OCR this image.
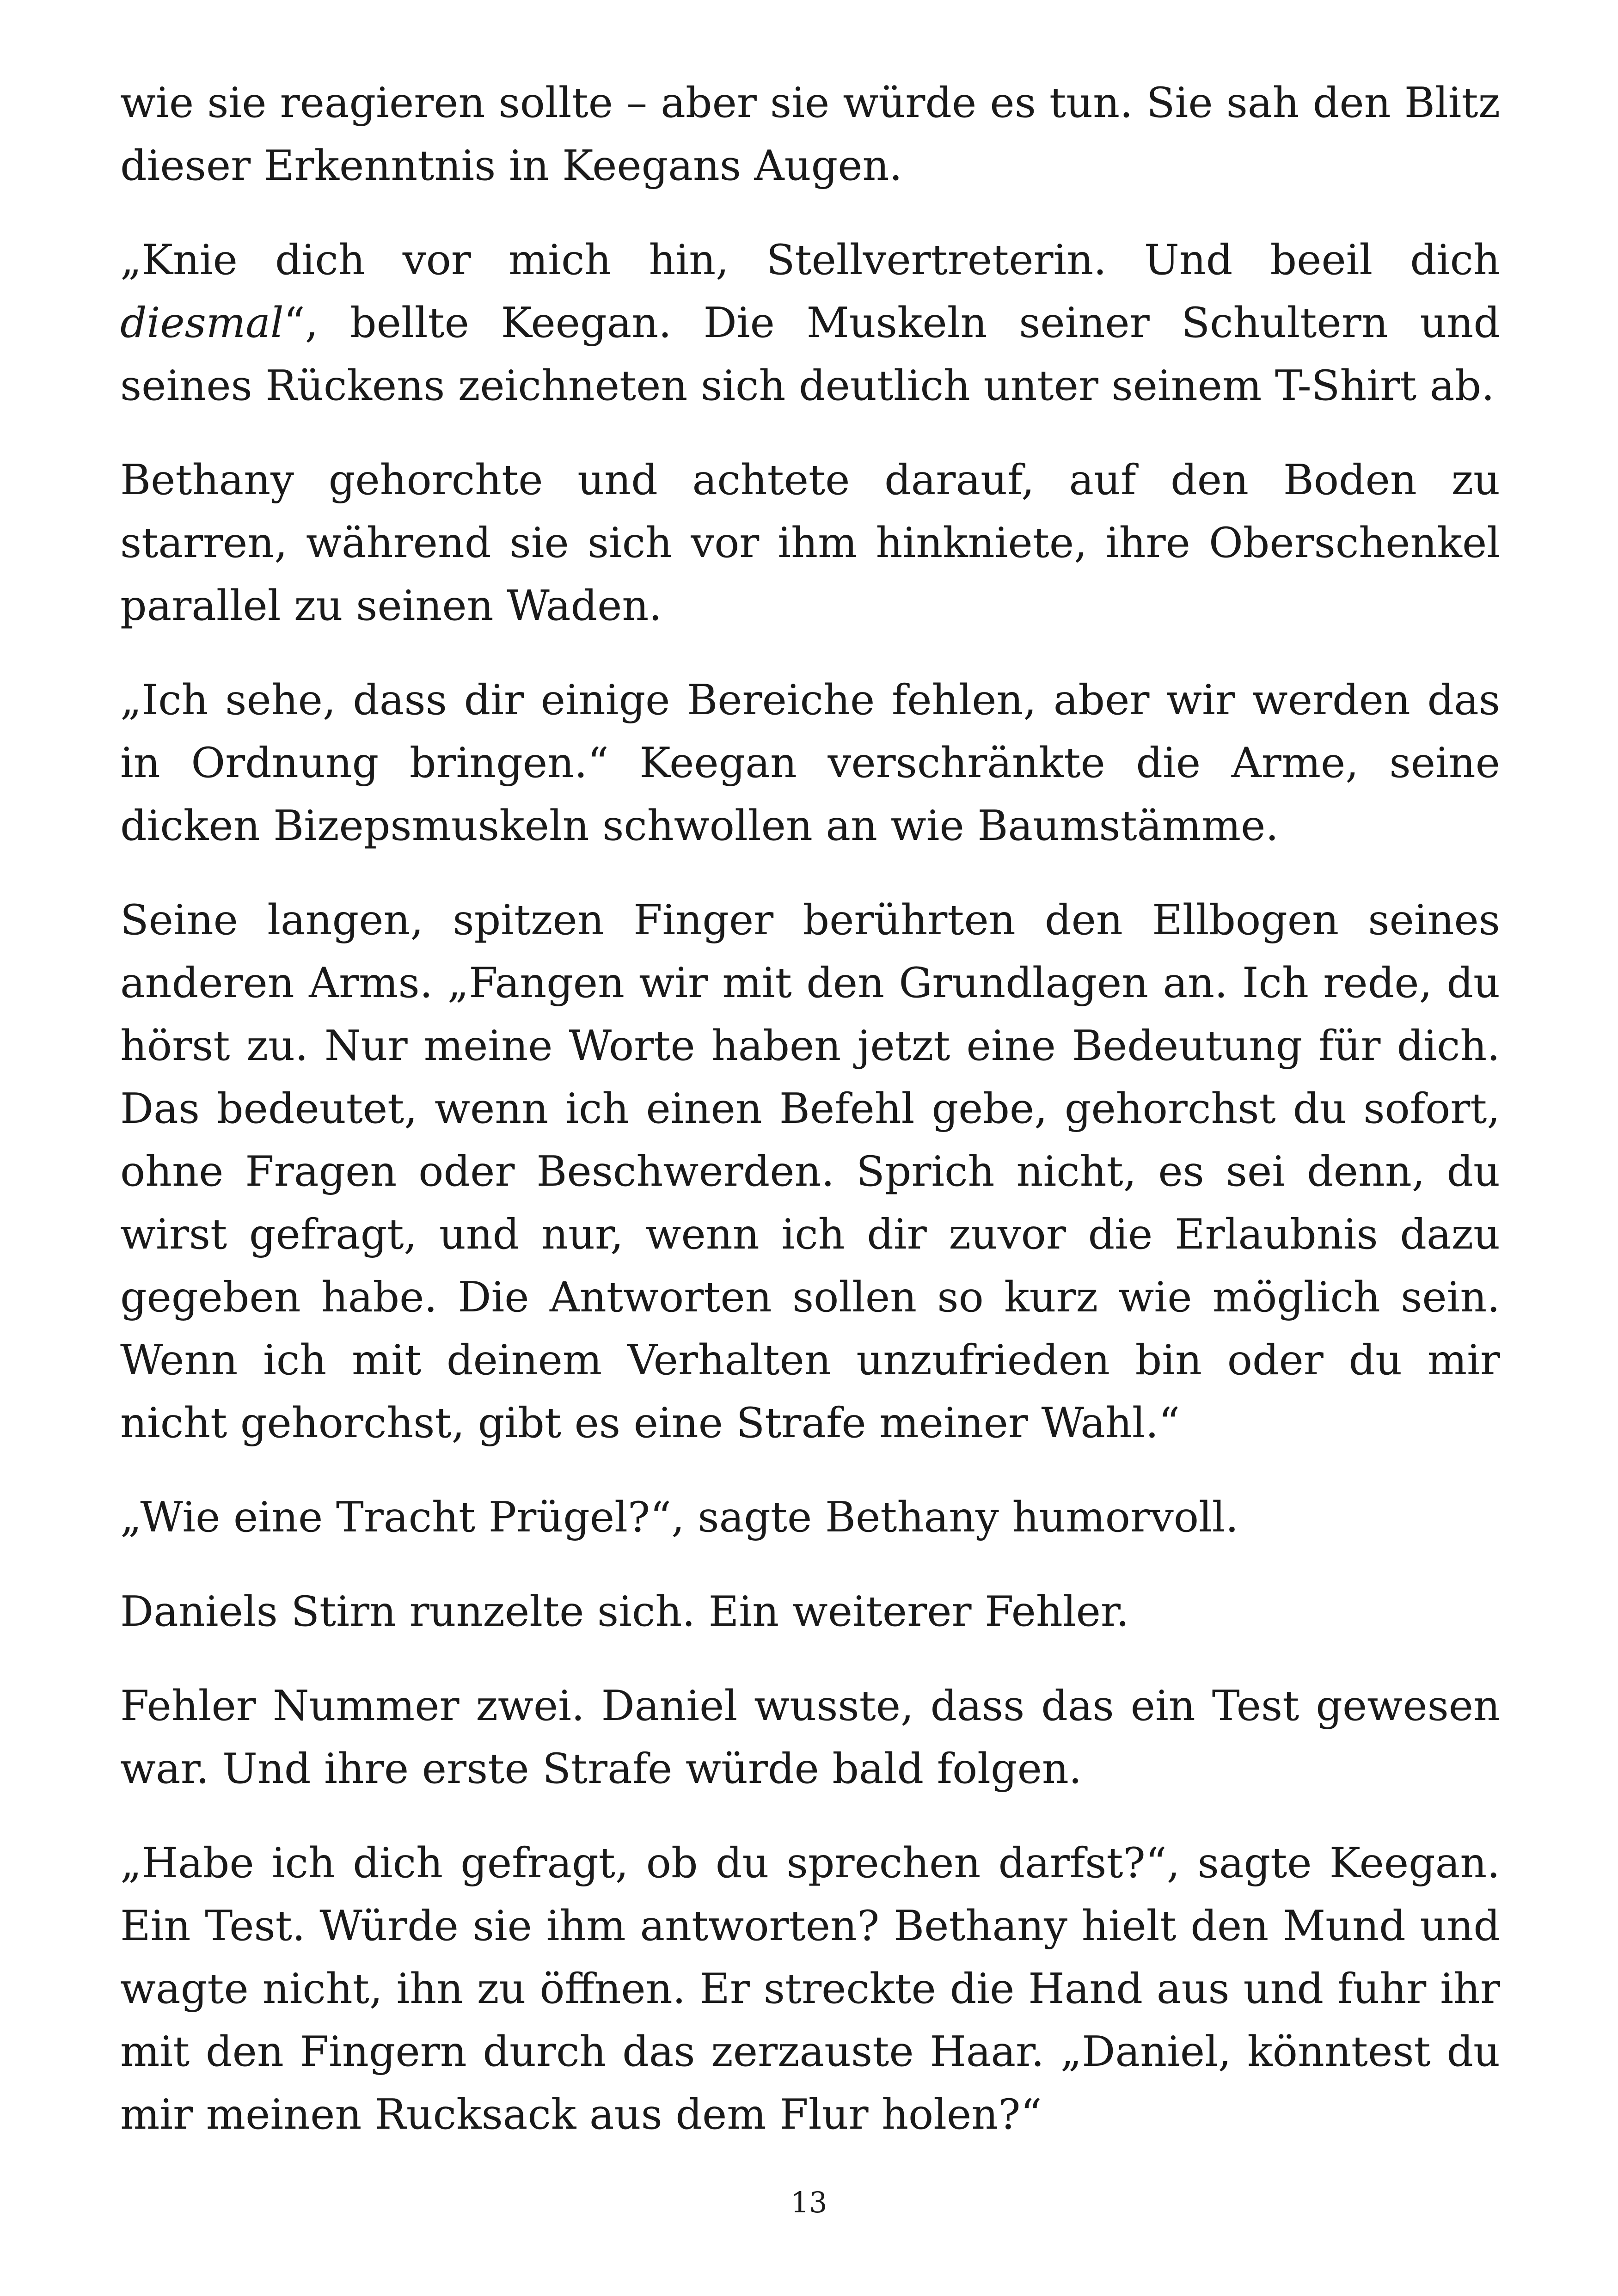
wie sie reagieren sollte – aber sie würde es tun. Sie sah den Blitz dieser Erkenntnis in Keegans Augen.

„Knie dich vor mich hin, Stellvertreterin. Und beeil dich diesmal“, bellte Keegan. Die Muskeln seiner Schultern und seines Rückens zeichneten sich deutlich unter seinem T-Shirt ab.

Bethany gehorchte und achtete darauf, auf den Boden zu starren, während sie sich vor ihm hinkniete, ihre Oberschenkel parallel zu seinen Waden.

„Ich sehe, dass dir einige Bereiche fehlen, aber wir werden das in Ordnung bringen.“ Keegan verschränkte die Arme, seine dicken Bizepsmuskeln schwollen an wie Baumstämme.

Seine langen, spitzen Finger berührten den Ellbogen seines anderen Arms. „Fangen wir mit den Grundlagen an. Ich rede, du hörst zu. Nur meine Worte haben jetzt eine Bedeutung für dich. Das bedeutet, wenn ich einen Befehl gebe, gehorchst du sofort, ohne Fragen oder Beschwerden. Sprich nicht, es sei denn, du wirst gefragt, und nur, wenn ich dir zuvor die Erlaubnis dazu gegeben habe. Die Antworten sollen so kurz wie möglich sein. Wenn ich mit deinem Verhalten unzufrieden bin oder du mir nicht gehorchst, gibt es eine Strafe meiner Wahl.“

„Wie eine Tracht Prügel?“, sagte Bethany humorvoll.

Daniels Stirn runzelte sich. Ein weiterer Fehler.

Fehler Nummer zwei. Daniel wusste, dass das ein Test gewesen war. Und ihre erste Strafe würde bald folgen.

„Habe ich dich gefragt, ob du sprechen darfst?“, sagte Keegan. Ein Test. Würde sie ihm antworten? Bethany hielt den Mund und wagte nicht, ihn zu öffnen. Er streckte die Hand aus und fuhr ihr mit den Fingern durch das zerzauste Haar. „Daniel, könntest du mir meinen Rucksack aus dem Flur holen?“

13
